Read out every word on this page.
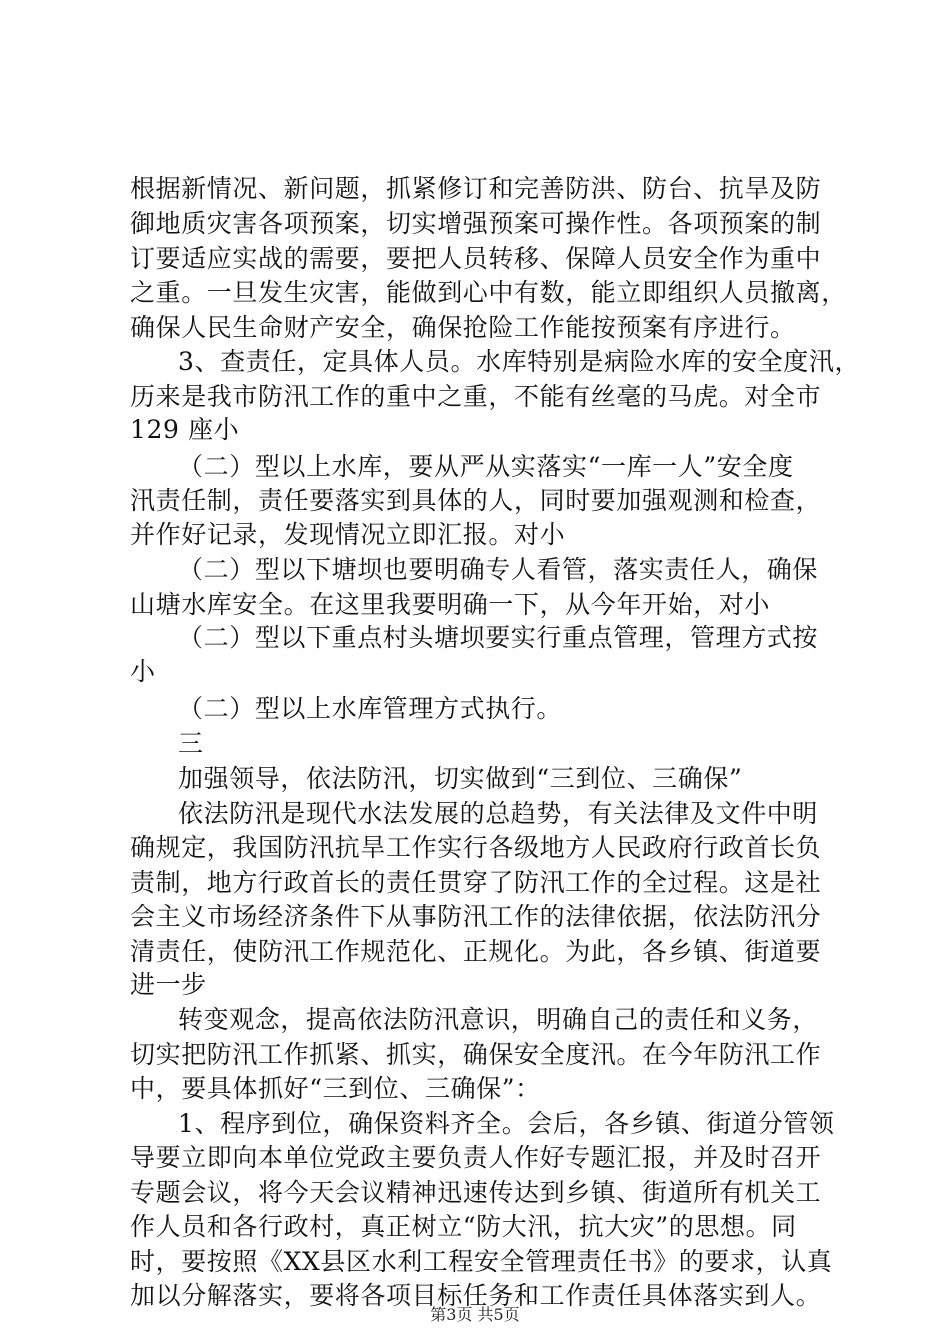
根据新情况、新问题，抓紧修订和完善防洪、防台、抗旱及防
御地质灾害各项预案，切实增强预案可操作性。各项预案的制
订要适应实战的需要，要把人员转移、保障人员安全作为重中
之重。一旦发生灾害，能做到心中有数，能立即组织人员撤离，
确保人民生命财产安全，确保抢险工作能按预案有序进行。
3、查责任，定具体人员。水库特别是病险水库的安全度汛，
历来是我市防汛工作的重中之重，不能有丝毫的马虎。对全市
129 座小
（二）型以上水库，要从严从实落实“一库一人”安全度
汛责任制，责任要落实到具体的人，同时要加强观测和检查，
并作好记录，发现情况立即汇报。对小
（二）型以下塘坝也要明确专人看管，落实责任人，确保
山塘水库安全。在这里我要明确一下，从今年开始，对小
（二）型以下重点村头塘坝要实行重点管理，管理方式按
小
（二）型以上水库管理方式执行。
三
加强领导，依法防汛，切实做到“三到位、三确保”
依法防汛是现代水法发展的总趋势，有关法律及文件中明
确规定，我国防汛抗旱工作实行各级地方人民政府行政首长负
责制，地方行政首长的责任贯穿了防汛工作的全过程。这是社
会主义市场经济条件下从事防汛工作的法律依据，依法防汛分
清责任，使防汛工作规范化、正规化。为此，各乡镇、街道要
进一步
转变观念，提高依法防汛意识，明确自己的责任和义务，
切实把防汛工作抓紧、抓实，确保安全度汛。在今年防汛工作
中，要具体抓好“三到位、三确保”：
1、程序到位，确保资料齐全。会后，各乡镇、街道分管领
导要立即向本单位党政主要负责人作好专题汇报，并及时召开
专题会议，将今天会议精神迅速传达到乡镇、街道所有机关工
作人员和各行政村，真正树立“防大汛，抗大灾”的思想。同
时，要按照《XX县区水利工程安全管理责任书》的要求，认真
加以分解落实，要将各项目标任务和工作责任具体落实到人。
第3页 共5页
